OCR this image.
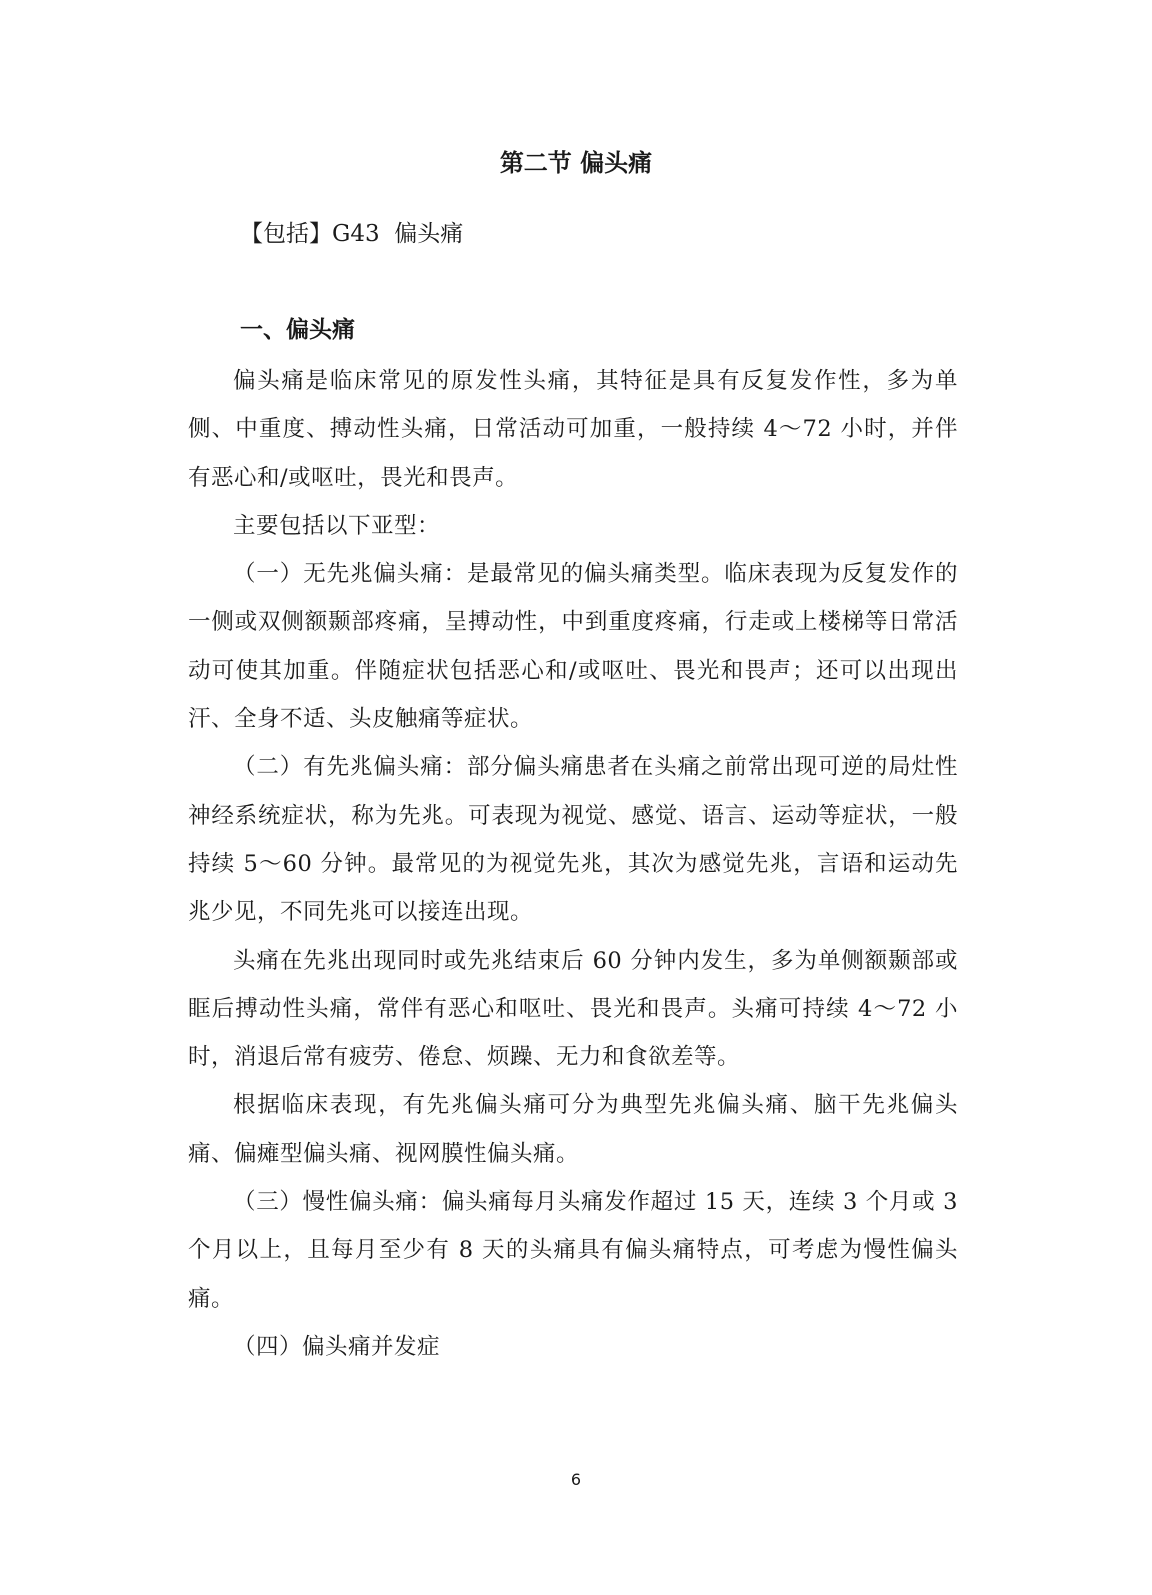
第二节 偏头痛
【包括】G43  偏头痛
一、偏头痛

偏头痛是临床常见的原发性头痛，其特征是具有反复发作性，多为单侧、中重度、搏动性头痛，日常活动可加重，一般持续 4～72 小时，并伴有恶心和/或呕吐，畏光和畏声。

主要包括以下亚型：

（一）无先兆偏头痛：是最常见的偏头痛类型。临床表现为反复发作的一侧或双侧额颞部疼痛，呈搏动性，中到重度疼痛，行走或上楼梯等日常活动可使其加重。伴随症状包括恶心和/或呕吐、畏光和畏声；还可以出现出汗、全身不适、头皮触痛等症状。

（二）有先兆偏头痛：部分偏头痛患者在头痛之前常出现可逆的局灶性神经系统症状，称为先兆。可表现为视觉、感觉、语言、运动等症状，一般持续 5～60 分钟。最常见的为视觉先兆，其次为感觉先兆，言语和运动先兆少见，不同先兆可以接连出现。

头痛在先兆出现同时或先兆结束后 60 分钟内发生，多为单侧额颞部或眶后搏动性头痛，常伴有恶心和呕吐、畏光和畏声。头痛可持续 4～72 小时，消退后常有疲劳、倦怠、烦躁、无力和食欲差等。

根据临床表现，有先兆偏头痛可分为典型先兆偏头痛、脑干先兆偏头痛、偏瘫型偏头痛、视网膜性偏头痛。

（三）慢性偏头痛：偏头痛每月头痛发作超过 15 天，连续 3 个月或 3 个月以上，且每月至少有 8 天的头痛具有偏头痛特点，可考虑为慢性偏头痛。

（四）偏头痛并发症

6
